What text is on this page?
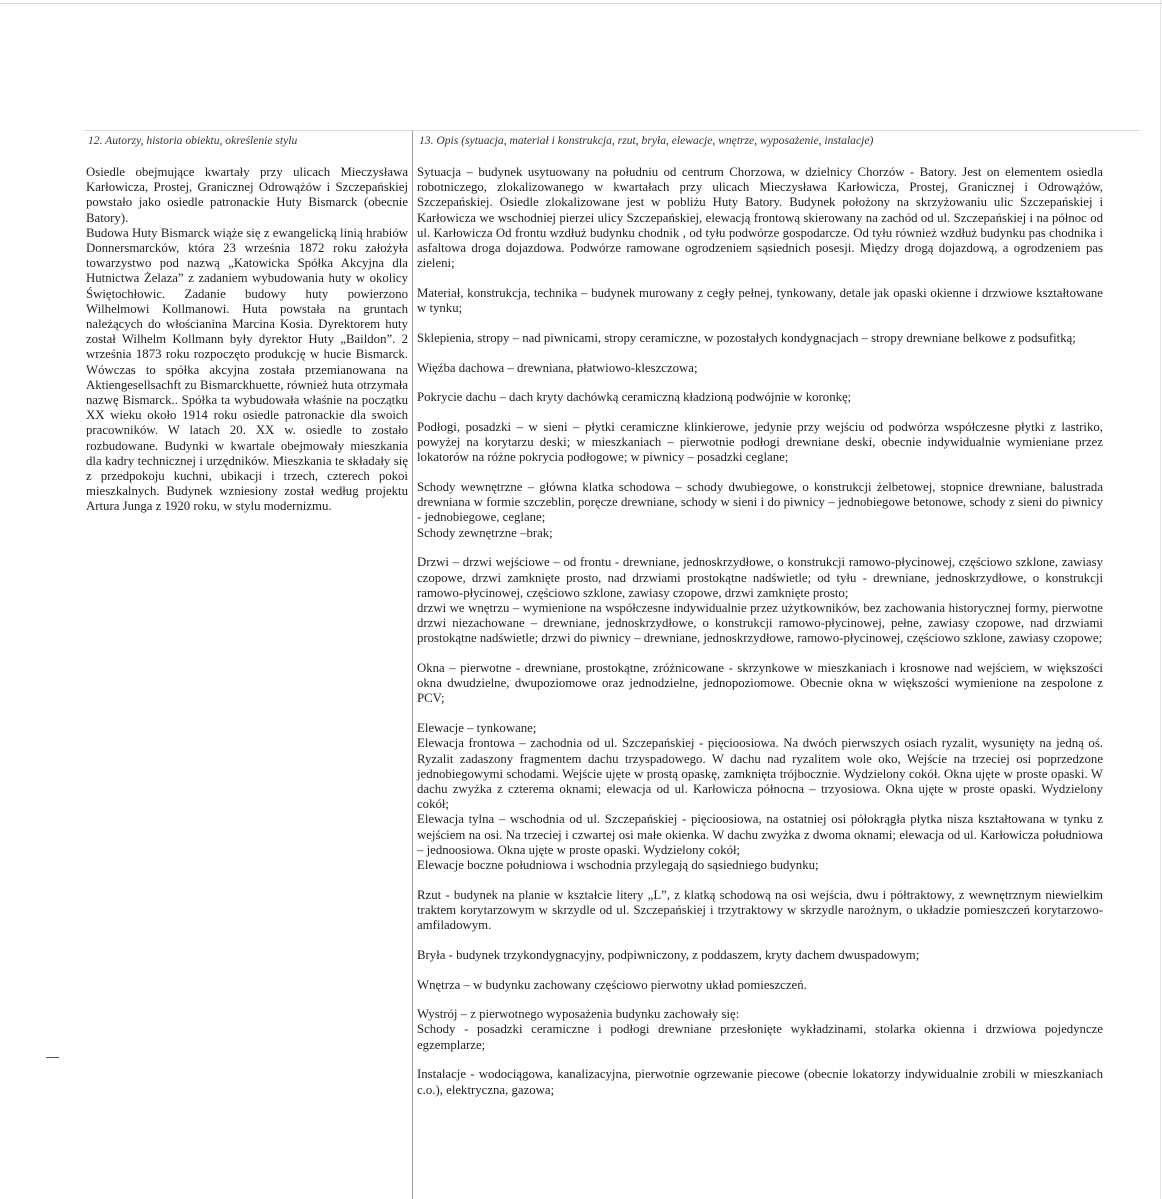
12. Autorzy, historia obiektu, określenie stylu

Osiedle obejmujące kwartały przy ulicach Mieczysława Karłowicza, Prostej, Granicznej Odrowążów i Szczepańskiej powstało jako osiedle patronackie Huty Bismarck (obecnie Batory).

Budowa Huty Bismarck wiąże się z ewangelicką linią hrabiów Donnersmarcków, która 23 września 1872 roku założyła towarzystwo pod nazwą „Katowicka Spółka Akcyjna dla Hutnictwa Żelaza” z zadaniem wybudowania huty w okolicy Świętochłowic. Zadanie budowy huty powierzono Wilhelmowi Kollmanowi. Huta powstała na gruntach należących do włościanina Marcina Kosia. Dyrektorem huty został Wilhelm Kollmann były dyrektor Huty „Baildon”. 2 września 1873 roku rozpoczęto produkcję w hucie Bismarck. Wówczas to spółka akcyjna została przemianowana na Aktiengesellsachft zu Bismarckhuette, również huta otrzymała nazwę Bismarck.. Spółka ta wybudowała właśnie na początku XX wieku około 1914 roku osiedle patronackie dla swoich pracowników. W latach 20. XX w. osiedle to zostało rozbudowane. Budynki w kwartale obejmowały mieszkania dla kadry technicznej i urzędników. Mieszkania te składały się z przedpokoju kuchni, ubikacji i trzech, czterech pokoi mieszkalnych. Budynek wzniesiony został według projektu Artura Junga z 1920 roku, w stylu modernizmu.

13. Opis (sytuacja, materiał i konstrukcja, rzut, bryła, elewacje, wnętrze, wyposażenie, instalacje)

Sytuacja – budynek usytuowany na południu od centrum Chorzowa, w dzielnicy Chorzów - Batory. Jest on elementem osiedla robotniczego, zlokalizowanego w kwartałach przy ulicach Mieczysława Karłowicza, Prostej, Granicznej i Odrowążów, Szczepańskiej. Osiedle zlokalizowane jest w pobliżu Huty Batory. Budynek położony na skrzyżowaniu ulic Szczepańskiej i Karłowicza we wschodniej pierzei ulicy Szczepańskiej, elewacją frontową skierowany na zachód od ul. Szczepańskiej i na północ od ul. Karłowicza Od frontu wzdłuż budynku chodnik , od tyłu podwórze gospodarcze. Od tyłu również wzdłuż budynku pas chodnika i asfaltowa droga dojazdowa. Podwórze ramowane ogrodzeniem sąsiednich posesji. Między drogą dojazdową, a ogrodzeniem pas zieleni;

Materiał, konstrukcja, technika – budynek murowany z cegły pełnej, tynkowany, detale jak opaski okienne i drzwiowe kształtowane w tynku;

Sklepienia, stropy – nad piwnicami, stropy ceramiczne, w pozostałych kondygnacjach – stropy drewniane belkowe z podsufitką;

Więźba dachowa – drewniana, płatwiowo-kleszczowa;

Pokrycie dachu – dach kryty dachówką ceramiczną kładzioną podwójnie w koronkę;

Podłogi, posadzki – w sieni – płytki ceramiczne klinkierowe, jedynie przy wejściu od podwórza współczesne płytki z lastriko, powyżej na korytarzu deski; w mieszkaniach – pierwotnie podłogi drewniane deski, obecnie indywidualnie wymieniane przez lokatorów na różne pokrycia podłogowe; w piwnicy – posadzki ceglane;

Schody wewnętrzne – główna klatka schodowa – schody dwubiegowe, o konstrukcji żelbetowej, stopnice drewniane, balustrada drewniana w formie szczeblin, poręcze drewniane, schody w sieni i do piwnicy – jednobiegowe betonowe, schody z sieni do piwnicy - jednobiegowe, ceglane;
Schody zewnętrzne –brak;

Drzwi – drzwi wejściowe – od frontu - drewniane, jednoskrzydłowe, o konstrukcji ramowo-płycinowej, częściowo szklone, zawiasy czopowe, drzwi zamknięte prosto, nad drzwiami prostokątne nadświetle; od tyłu - drewniane, jednoskrzydłowe, o konstrukcji ramowo-płycinowej, częściowo szklone, zawiasy czopowe, drzwi zamknięte prosto;
drzwi we wnętrzu – wymienione na współczesne indywidualnie przez użytkowników, bez zachowania historycznej formy, pierwotne drzwi niezachowane – drewniane, jednoskrzydłowe, o konstrukcji ramowo-płycinowej, pełne, zawiasy czopowe, nad drzwiami prostokątne nadświetle; drzwi do piwnicy – drewniane, jednoskrzydłowe, ramowo-płycinowej, częściowo szklone, zawiasy czopowe;

Okna – pierwotne - drewniane, prostokątne, zróżnicowane - skrzynkowe w mieszkaniach i krosnowe nad wejściem, w większości okna dwudzielne, dwupoziomowe oraz jednodzielne, jednopoziomowe. Obecnie okna w większości wymienione na zespolone z PCV;

Elewacje – tynkowane;
Elewacja frontowa – zachodnia od ul. Szczepańskiej - pięcioosiowa. Na dwóch pierwszych osiach ryzalit, wysunięty na jedną oś. Ryzalit zadaszony fragmentem dachu trzyspadowego. W dachu nad ryzalitem wole oko, Wejście na trzeciej osi poprzedzone jednobiegowymi schodami. Wejście ujęte w prostą opaskę, zamknięta trójbocznie. Wydzielony cokół. Okna ujęte w proste opaski. W dachu zwyżka z czterema oknami; elewacja od ul. Karłowicza północna – trzyosiowa. Okna ujęte w proste opaski. Wydzielony cokół;
Elewacja tylna – wschodnia od ul. Szczepańskiej - pięcioosiowa, na ostatniej osi półokrągła płytka nisza kształtowana w tynku z wejściem na osi. Na trzeciej i czwartej osi małe okienka. W dachu zwyżka z dwoma oknami; elewacja od ul. Karłowicza południowa – jednoosiowa. Okna ujęte w proste opaski. Wydzielony cokół;
Elewacje boczne południowa i wschodnia przylegają do sąsiedniego budynku;

Rzut - budynek na planie w kształcie litery „L”, z klatką schodową na osi wejścia, dwu i półtraktowy, z wewnętrznym niewielkim traktem korytarzowym w skrzydle od ul. Szczepańskiej i trzytraktowy w skrzydle narożnym, o układzie pomieszczeń korytarzowo-amfiladowym.

Bryła - budynek trzykondygnacyjny, podpiwniczony, z poddaszem, kryty dachem dwuspadowym;

Wnętrza – w budynku zachowany częściowo pierwotny układ pomieszczeń.

Wystrój – z pierwotnego wyposażenia budynku zachowały się:
Schody - posadzki ceramiczne i podłogi drewniane przesłonięte wykładzinami, stolarka okienna i drzwiowa pojedyncze egzemplarze;

Instalacje - wodociągowa, kanalizacyjna, pierwotnie ogrzewanie piecowe (obecnie lokatorzy indywidualnie zrobili w mieszkaniach c.o.), elektryczna, gazowa;
